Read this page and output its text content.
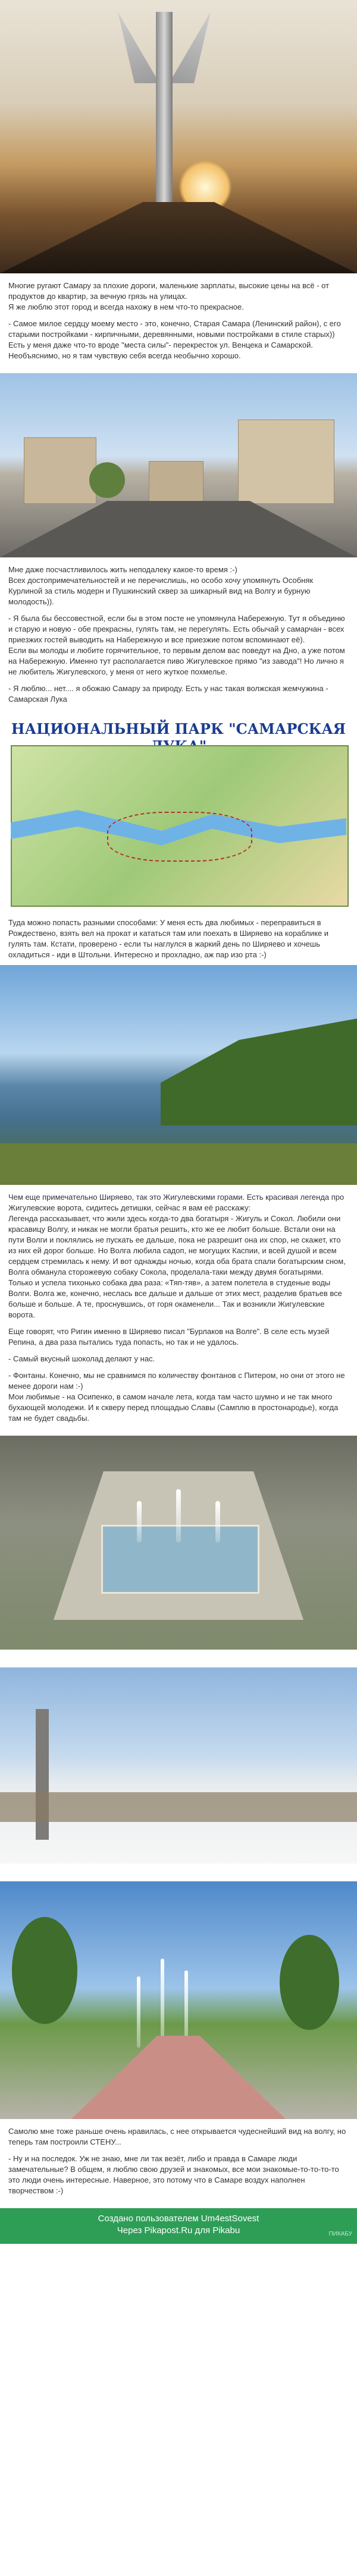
Многие ругают Самару за плохие дороги, маленькие зарплаты, высокие цены на всё - от продуктов до квартир, за вечную грязь на улицах.
Я же люблю этот город и всегда нахожу в нем что-то прекрасное.

- Самое милое сердцу моему место - это, конечно, Старая Самара (Ленинский район), с его старыми постройками - кирпичными, деревянными, новыми постройками в стиле старых))
Есть у меня даже что-то вроде "места силы"- перекресток ул. Венцека и Самарской. Необъяснимо, но я там чувствую себя всегда необычно хорошо.

Мне даже посчастливилось жить неподалеку какое-то время :-)
Всех достопримечательностей и не перечислишь, но особо хочу упомянуть Особняк Курлиной за стиль модерн и Пушкинский сквер за шикарный вид на Волгу и бурную молодость)).

- Я была бы бессовестной, если бы в этом посте не упомянула Набережную. Тут я объединю и старую и новую - обе прекрасны, гулять там, не перегулять. Есть обычай у самарчан - всех приезжих гостей выводить на Набережную и все приезжие потом вспоминают её).
Если вы молоды и любите горячительное, то первым делом вас поведут на Дно, а уже потом на Набережную. Именно тут располагается пиво Жигулевское прямо "из завода"! Но лично я не любитель Жигулевского, у меня от него жуткое похмелье.

- Я люблю... нет.... я обожаю Самару за природу. Есть у нас такая волжская жемчужина - Самарская Лука

НАЦИОНАЛЬНЫЙ ПАРК "САМАРСКАЯ

Туда можно попасть разными способами: У меня есть два любимых - переправиться в Рождествено, взять вел на прокат и кататься там или поехать в Ширяево на кораблике и гулять там. Кстати, проверено - если ты наглулся в жаркий день по Ширяево и хочешь охладиться - иди в Штольни. Интересно и прохладно, аж пар изо рта :-)

Чем еще примечательно Ширяево, так это Жигулевскими горами. Есть красивая легенда про Жигулевские ворота, сидитесь детишки, сейчас я вам её расскажу:
Легенда рассказывает, что жили здесь когда-то два богатыря - Жигуль и Сокол. Любили они красавицу Волгу, и никак не могли братья решить, кто же ее любит больше. Встали они на пути Волги и поклялись не пускать ее дальше, пока не разрешит она их спор, не скажет, кто из них ей дорог больше. Но Волга любила садоп, не могущих Каспии, и всей душой и всем сердцем стремилась к нему. И вот однажды ночью, когда оба брата спали богатырским сном, Волга обманула сторожевую собаку Сокола, проделала-таки между двумя богатырями. Только и успела тихонько собака два раза: «Тяп-тяв», а затем полетела в студеные воды Волги. Волга же, конечно, неслась все дальше и дальше от этих мест, разделив братьев все больше и больше. А те, проснувшись, от горя окаменели... Так и возникли Жигулевские ворота.

Еще говорят, что Ригин именно в Ширяево писал "Бурлаков на Волге". В селе есть музей Репина, а два раза пытались туда попасть, но так и не удалось.

- Самый вкусный шоколад делают у нас.

- Фонтаны. Конечно, мы не сравнимся по количеству фонтанов с Питером, но они от этого не менее дороги нам :-)
Мои любимые - на Осипенко, в самом начале лета, когда там часто шумно и не так много бухающей молодежи. И к скверу перед площадью Славы (Самплю в простонародье), когда там не будет свадьбы.

Самолю мне тоже раньше очень нравилась, с нее открывается чудеснейший вид на волгу, но теперь там построили СТЕНУ...

- Ну и на последок. Уж не знаю, мне ли так везёт, либо и правда в Самаре люди замечательные? В общем, я люблю свою друзей и знакомых, все мои знакомые-то-то-то-то это люди очень интересные. Наверное, это потому что в Самаре воздух наполнен творчеством :-)

Создано пользователем Um4estSovest
Через Pikapost.Ru для Pikabu	ПИКАБУ
